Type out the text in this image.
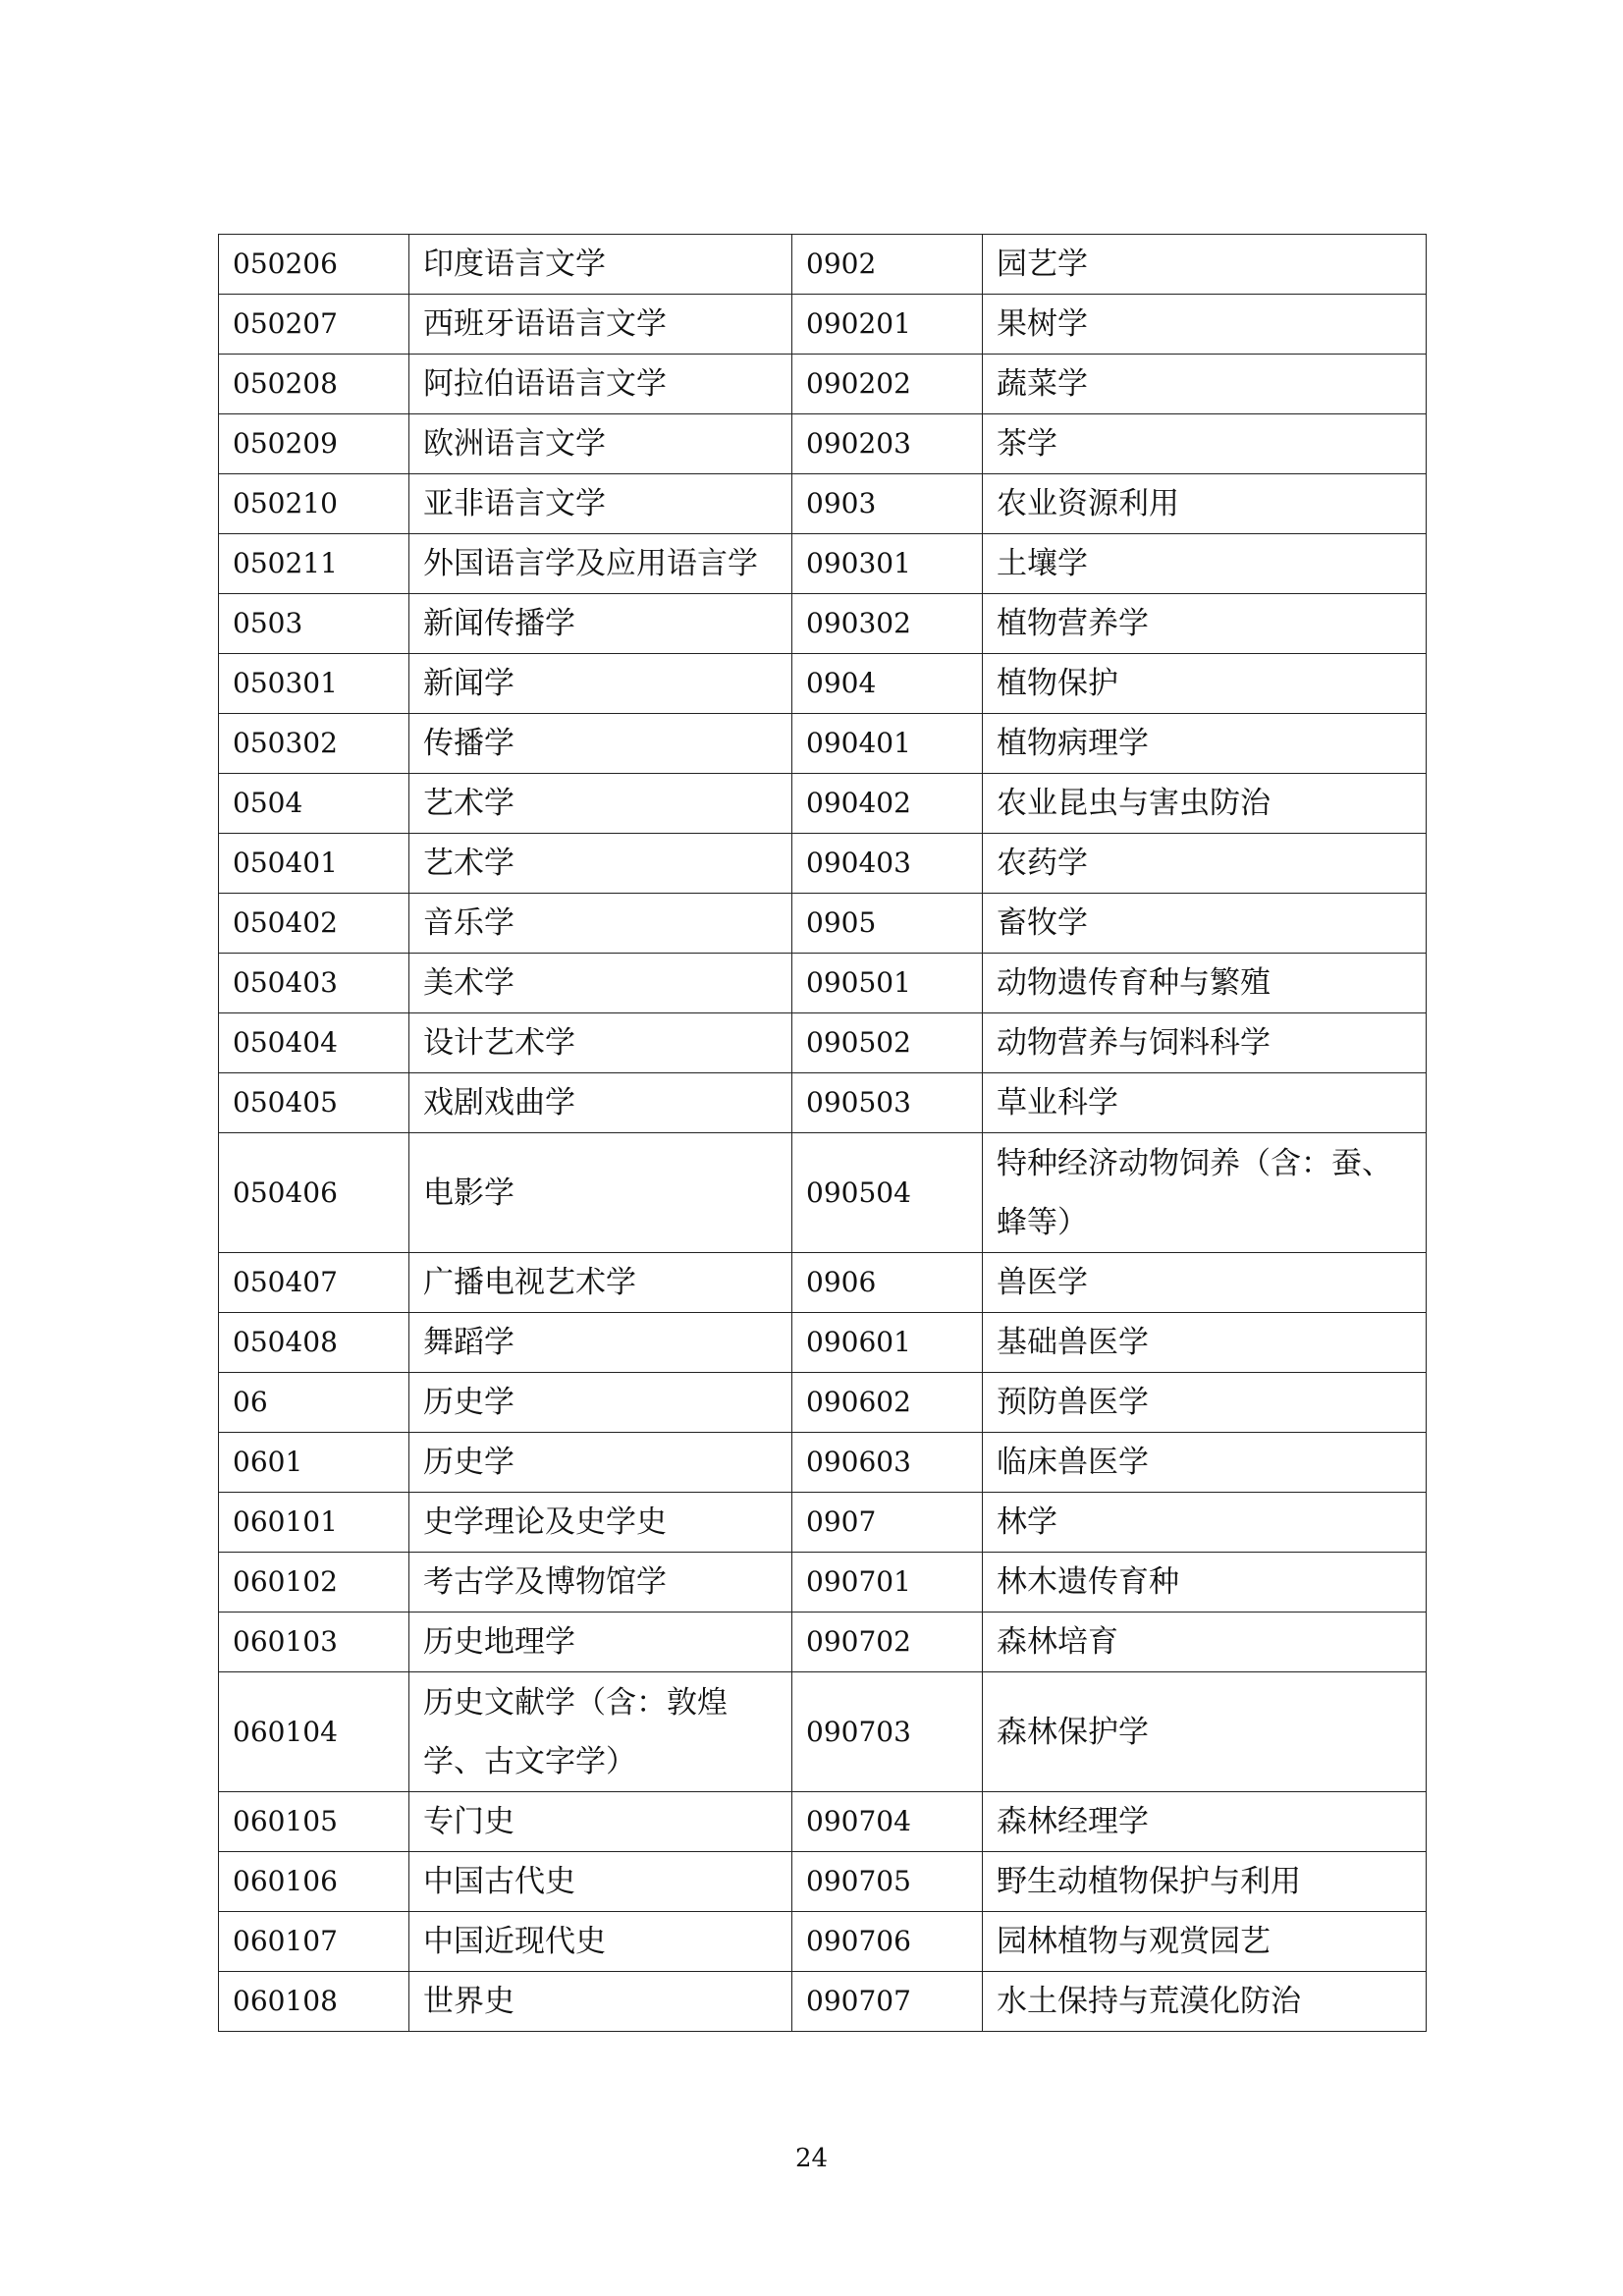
050206	印度语言文学	0902	园艺学
050207	西班牙语语言文学	090201	果树学
050208	阿拉伯语语言文学	090202	蔬菜学
050209	欧洲语言文学	090203	茶学
050210	亚非语言文学	0903	农业资源利用
050211	外国语言学及应用语言学	090301	土壤学
0503	新闻传播学	090302	植物营养学
050301	新闻学	0904	植物保护
050302	传播学	090401	植物病理学
0504	艺术学	090402	农业昆虫与害虫防治
050401	艺术学	090403	农药学
050402	音乐学	0905	畜牧学
050403	美术学	090501	动物遗传育种与繁殖
050404	设计艺术学	090502	动物营养与饲料科学
050405	戏剧戏曲学	090503	草业科学
050406	电影学	090504	特种经济动物饲养（含：蚕、蜂等）
050407	广播电视艺术学	0906	兽医学
050408	舞蹈学	090601	基础兽医学
06	历史学	090602	预防兽医学
0601	历史学	090603	临床兽医学
060101	史学理论及史学史	0907	林学
060102	考古学及博物馆学	090701	林木遗传育种
060103	历史地理学	090702	森林培育
060104	历史文献学（含：敦煌学、古文字学）	090703	森林保护学
060105	专门史	090704	森林经理学
060106	中国古代史	090705	野生动植物保护与利用
060107	中国近现代史	090706	园林植物与观赏园艺
060108	世界史	090707	水土保持与荒漠化防治
24
